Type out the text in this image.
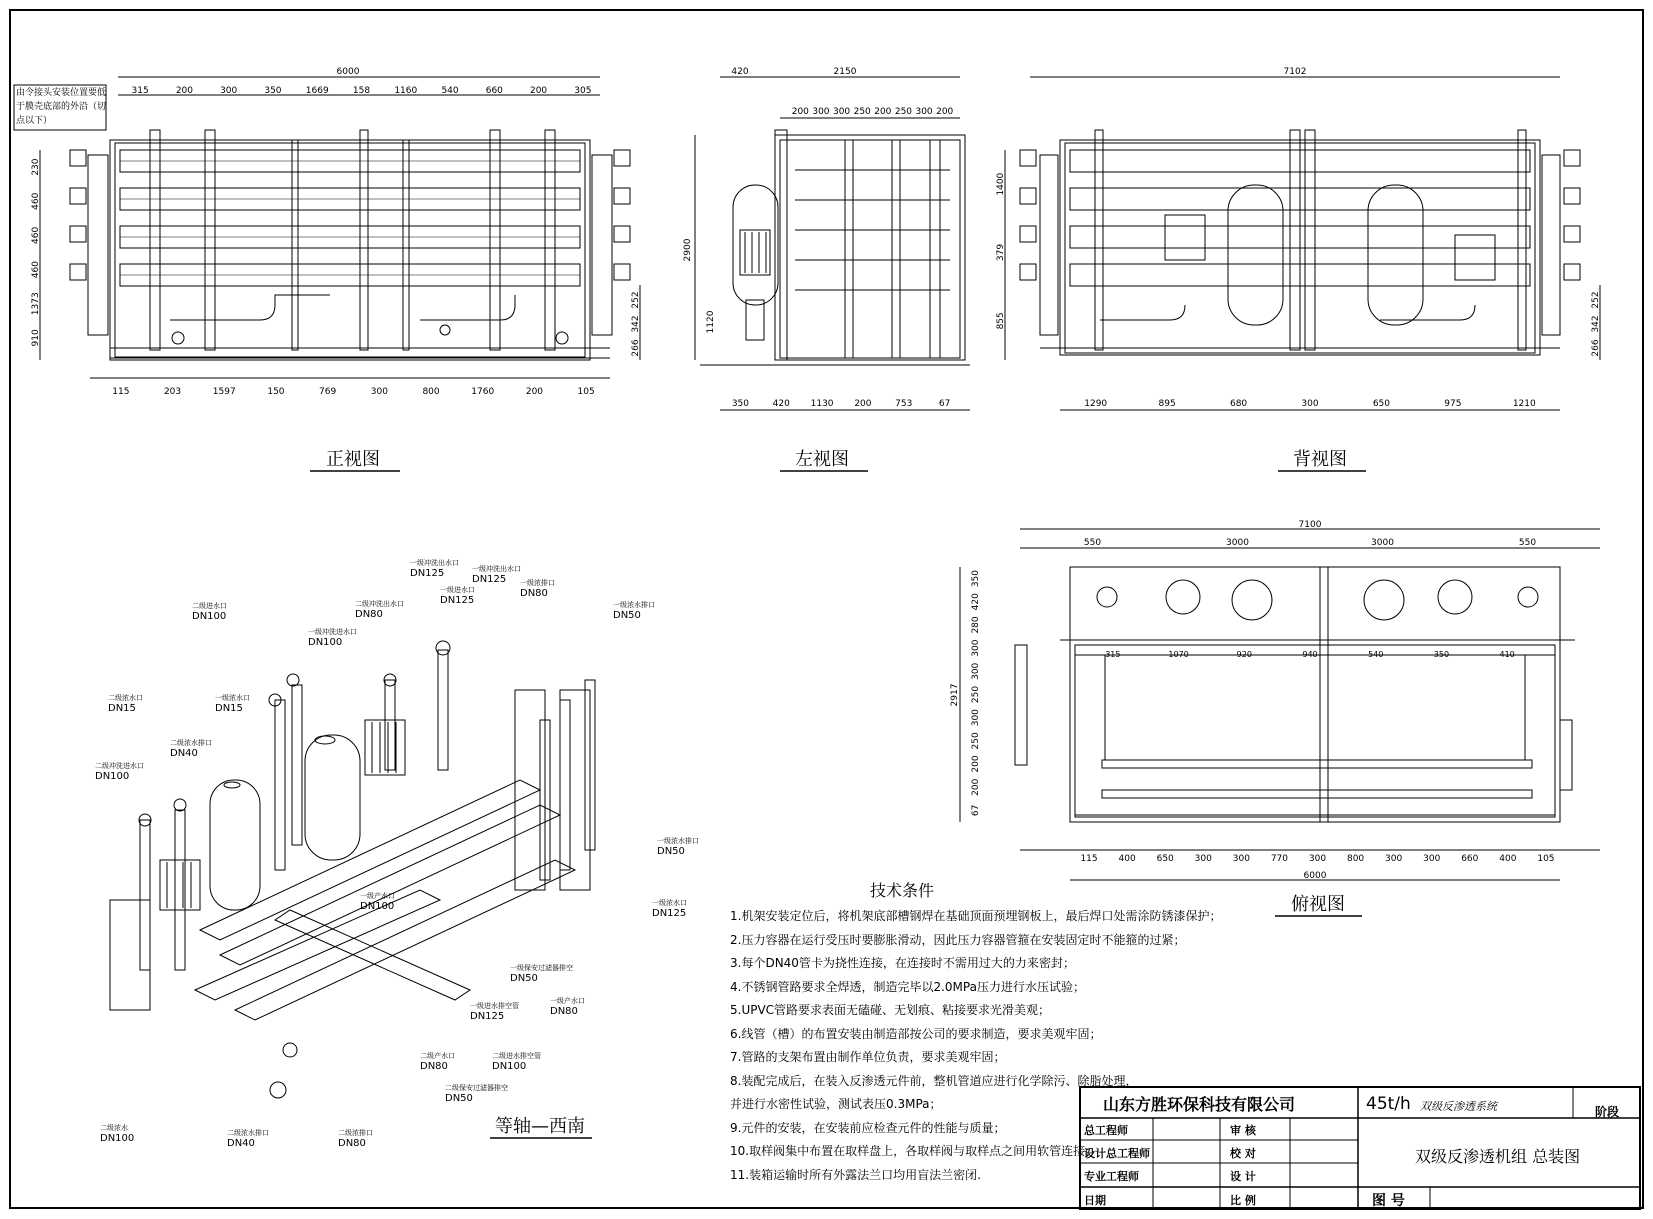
6000
315	200	300	350	1669	158	1160	540	660	200	305
115	203	1597	150	769	300	800	1760	200	105
230
460
460
460
1373
910
252
342
266
由令接头安装位置要低于膜壳底部的外沿（切点以下）
正视图
2150
420
200 300 300 250 200 250 300 200
350	420 1130 200	753	67
2900
1120
左视图
7102
1290	895	680	300	650	975	1210
1400
379
855
252
342
266
背视图
7100
550	3000	3000	550
315	1070	920	940	540	350	410
115 400 650 300 300 770 300 800 300 300 660 400 105
6000
2917
350
420
280
300
300
250
300
250
200
200
67
俯视图
二级进水口
DN100
一级冲洗出水口
DN125
一级冲洗进水口
DN100
一级浓水口
DN15
二级浓水排口
DN40
二级冲洗进水口
DN100
二级冲洗出水口
DN80
一级进水口
DN125	一级浓水排口
DN50
一级冲洗出水口
DN125
一级浓水排口
DN50
一级产水口
DN100	一级浓水口
DN125
一级保安过滤器排空
DN50
一级进水排空管
DN125
一级产水口
DN80
二级产水口
DN80
二级进水排空管
DN100
二级保安过滤器排空
DN50
二级浓水
DN100	二级浓水排口
DN40
二级浓排口
DN80
二级浓水口
DN15
一级浓排口
DN80
等轴—西南
山东方胜环保科技有限公司	45t/h 双级反渗透系统	阶段
双级反渗透机组 总装图
图 号
总工程师
设计总工程师
专业工程师
日期
审 核
校 对
设 计
比 例
技术条件
1.机架安装定位后，将机架底部槽钢焊在基础顶面预埋钢板上，最后焊口处需涂防锈漆保护；
2.压力容器在运行受压时要膨胀滑动，因此压力容器管箍在安装固定时不能箍的过紧；
3.每个DN40管卡为挠性连接，在连接时不需用过大的力来密封；
4.不锈钢管路要求全焊透，制造完毕以2.0MPa压力进行水压试验；
5.UPVC管路要求表面无磕碰、无划痕、粘接要求光滑美观；
6.线管（槽）的布置安装由制造部按公司的要求制造，要求美观牢固；
7.管路的支架布置由制作单位负责，要求美观牢固；
8.装配完成后，在装入反渗透元件前，整机管道应进行化学除污、除脂处理，
并进行水密性试验，测试表压0.3MPa；
9.元件的安装，在安装前应检查元件的性能与质量；
10.取样阀集中布置在取样盘上，各取样阀与取样点之间用软管连接；
11.装箱运输时所有外露法兰口均用盲法兰密闭.
